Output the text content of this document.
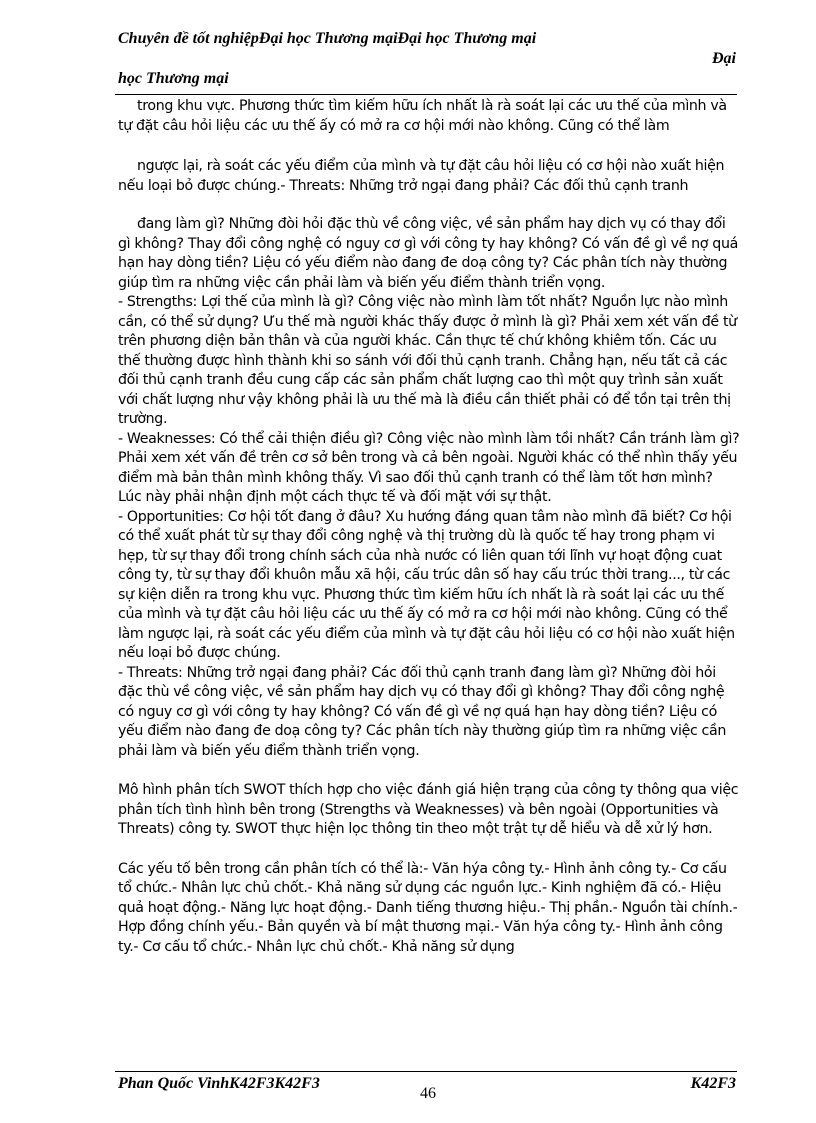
Chuyên đề tốt nghiệpĐại học Thương mạiĐại học Thương mại
Đại
học Thương mại

trong khu vực. Phương thức tìm kiếm hữu ích nhất là rà soát lại các ưu thế của mình và tự đặt câu hỏi liệu các ưu thế ấy có mở ra cơ hội mới nào không. Cũng có thể làm

ngược lại, rà soát các yếu điểm của mình và tự đặt câu hỏi liệu có cơ hội nào xuất hiện nếu loại bỏ được chúng.- Threats: Những trở ngại đang phải? Các đối thủ cạnh tranh

đang làm gì? Những đòi hỏi đặc thù về công việc, về sản phẩm hay dịch vụ có thay đổi gì không? Thay đổi công nghệ có nguy cơ gì với công ty hay không? Có vấn đề gì về nợ quá hạn hay dòng tiền? Liệu có yếu điểm nào đang đe doạ công ty? Các phân tích này thường giúp tìm ra những việc cần phải làm và biến yếu điểm thành triển vọng.

- Strengths: Lợi thế của mình là gì? Công việc nào mình làm tốt nhất? Nguồn lực nào mình cần, có thể sử dụng? Ưu thế mà người khác thấy được ở mình là gì? Phải xem xét vấn đề từ trên phương diện bản thân và của người khác. Cần thực tế chứ không khiêm tốn. Các ưu thế thường được hình thành khi so sánh với đối thủ cạnh tranh. Chẳng hạn, nếu tất cả các đối thủ cạnh tranh đều cung cấp các sản phẩm chất lượng cao thì một quy trình sản xuất với chất lượng như vậy không phải là ưu thế mà là điều cần thiết phải có để tồn tại trên thị trường.

- Weaknesses: Có thể cải thiện điều gì? Công việc nào mình làm tồi nhất? Cần tránh làm gì? Phải xem xét vấn đề trên cơ sở bên trong và cả bên ngoài. Người khác có thể nhìn thấy yếu điểm mà bản thân mình không thấy. Vì sao đối thủ cạnh tranh có thể làm tốt hơn mình? Lúc này phải nhận định một cách thực tế và đối mặt với sự thật.

- Opportunities: Cơ hội tốt đang ở đâu? Xu hướng đáng quan tâm nào mình đã biết? Cơ hội có thể xuất phát từ sự thay đổi công nghệ và thị trường dù là quốc tế hay trong phạm vi hẹp, từ sự thay đổi trong chính sách của nhà nước có liên quan tới lĩnh vự hoạt động cuat công ty, từ sự thay đổi khuôn mẫu xã hội, cấu trúc dân số hay cấu trúc thời trang..., từ các sự kiện diễn ra trong khu vực. Phương thức tìm kiếm hữu ích nhất là rà soát lại các ưu thế của mình và tự đặt câu hỏi liệu các ưu thế ấy có mở ra cơ hội mới nào không. Cũng có thể làm ngược lại, rà soát các yếu điểm của mình và tự đặt câu hỏi liệu có cơ hội nào xuất hiện nếu loại bỏ được chúng.

- Threats: Những trở ngại đang phải? Các đối thủ cạnh tranh đang làm gì? Những đòi hỏi đặc thù về công việc, về sản phẩm hay dịch vụ có thay đổi gì không? Thay đổi công nghệ có nguy cơ gì với công ty hay không? Có vấn đề gì về nợ quá hạn hay dòng tiền? Liệu có yếu điểm nào đang đe doạ công ty? Các phân tích này thường giúp tìm ra những việc cần phải làm và biến yếu điểm thành triển vọng.

Mô hình phân tích SWOT thích hợp cho việc đánh giá hiện trạng của công ty thông qua việc phân tích tình hình bên trong (Strengths và Weaknesses) và bên ngoài (Opportunities và Threats) công ty. SWOT thực hiện lọc thông tin theo một trật tự dễ hiểu và dễ xử lý hơn.

Các yếu tố bên trong cần phân tích có thể là:- Văn hýa công ty.- Hình ảnh công ty.- Cơ cấu tổ chức.- Nhân lực chủ chốt.- Khả năng sử dụng các nguồn lực.- Kinh nghiệm đã có.- Hiệu quả hoạt động.- Năng lực hoạt động.- Danh tiếng thương hiệu.- Thị phần.- Nguồn tài chính.- Hợp đồng chính yếu.- Bản quyền và bí mật thương mại.- Văn hýa công ty.- Hình ảnh công ty.- Cơ cấu tổ chức.- Nhân lực chủ chốt.- Khả năng sử dụng

Phan Quốc VinhK42F3K42F3
46
K42F3
